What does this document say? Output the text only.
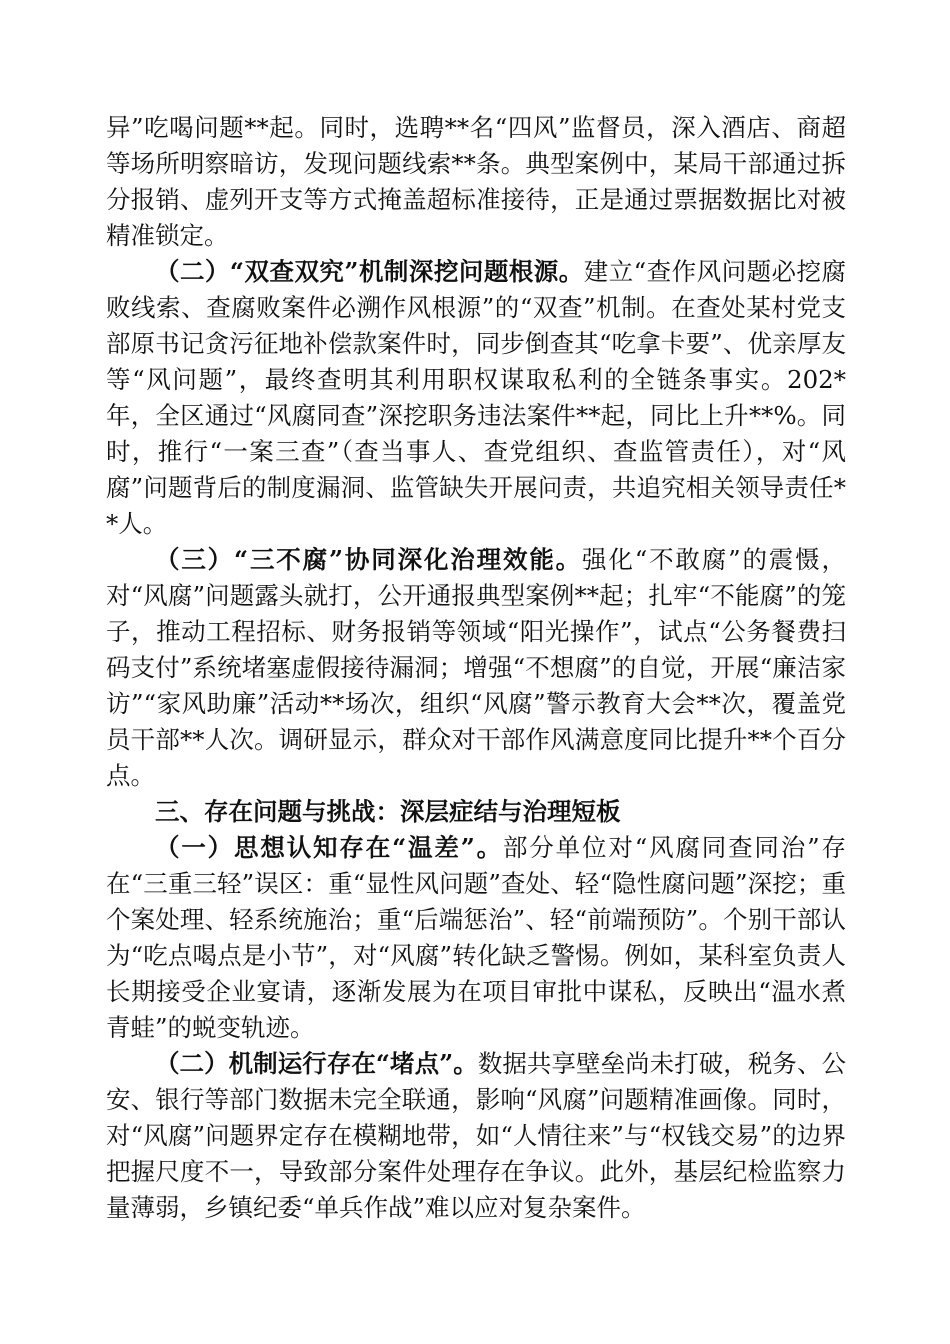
异”吃喝问题**起。同时，选聘**名“四风”监督员，深入酒店、商超等场所明察暗访，发现问题线索**条。典型案例中，某局干部通过拆分报销、虚列开支等方式掩盖超标准接待，正是通过票据数据比对被精准锁定。

（二）“双查双究”机制深挖问题根源。建立“查作风问题必挖腐败线索、查腐败案件必溯作风根源”的“双查”机制。在查处某村党支部原书记贪污征地补偿款案件时，同步倒查其“吃拿卡要”、优亲厚友等“风问题”，最终查明其利用职权谋取私利的全链条事实。202*年，全区通过“风腐同查”深挖职务违法案件**起，同比上升**%。同时，推行“一案三查”（查当事人、查党组织、查监管责任），对“风腐”问题背后的制度漏洞、监管缺失开展问责，共追究相关领导责任**人。

（三）“三不腐”协同深化治理效能。强化“不敢腐”的震慑，对“风腐”问题露头就打，公开通报典型案例**起；扎牢“不能腐”的笼子，推动工程招标、财务报销等领域“阳光操作”，试点“公务餐费扫码支付”系统堵塞虚假接待漏洞；增强“不想腐”的自觉，开展“廉洁家访”“家风助廉”活动**场次，组织“风腐”警示教育大会**次，覆盖党员干部**人次。调研显示，群众对干部作风满意度同比提升**个百分点。

三、存在问题与挑战：深层症结与治理短板

（一）思想认知存在“温差”。部分单位对“风腐同查同治”存在“三重三轻”误区：重“显性风问题”查处、轻“隐性腐问题”深挖；重个案处理、轻系统施治；重“后端惩治”、轻“前端预防”。个别干部认为“吃点喝点是小节”，对“风腐”转化缺乏警惕。例如，某科室负责人长期接受企业宴请，逐渐发展为在项目审批中谋私，反映出“温水煮青蛙”的蜕变轨迹。

（二）机制运行存在“堵点”。数据共享壁垒尚未打破，税务、公安、银行等部门数据未完全联通，影响“风腐”问题精准画像。同时，对“风腐”问题界定存在模糊地带，如“人情往来”与“权钱交易”的边界把握尺度不一，导致部分案件处理存在争议。此外，基层纪检监察力量薄弱，乡镇纪委“单兵作战”难以应对复杂案件。
